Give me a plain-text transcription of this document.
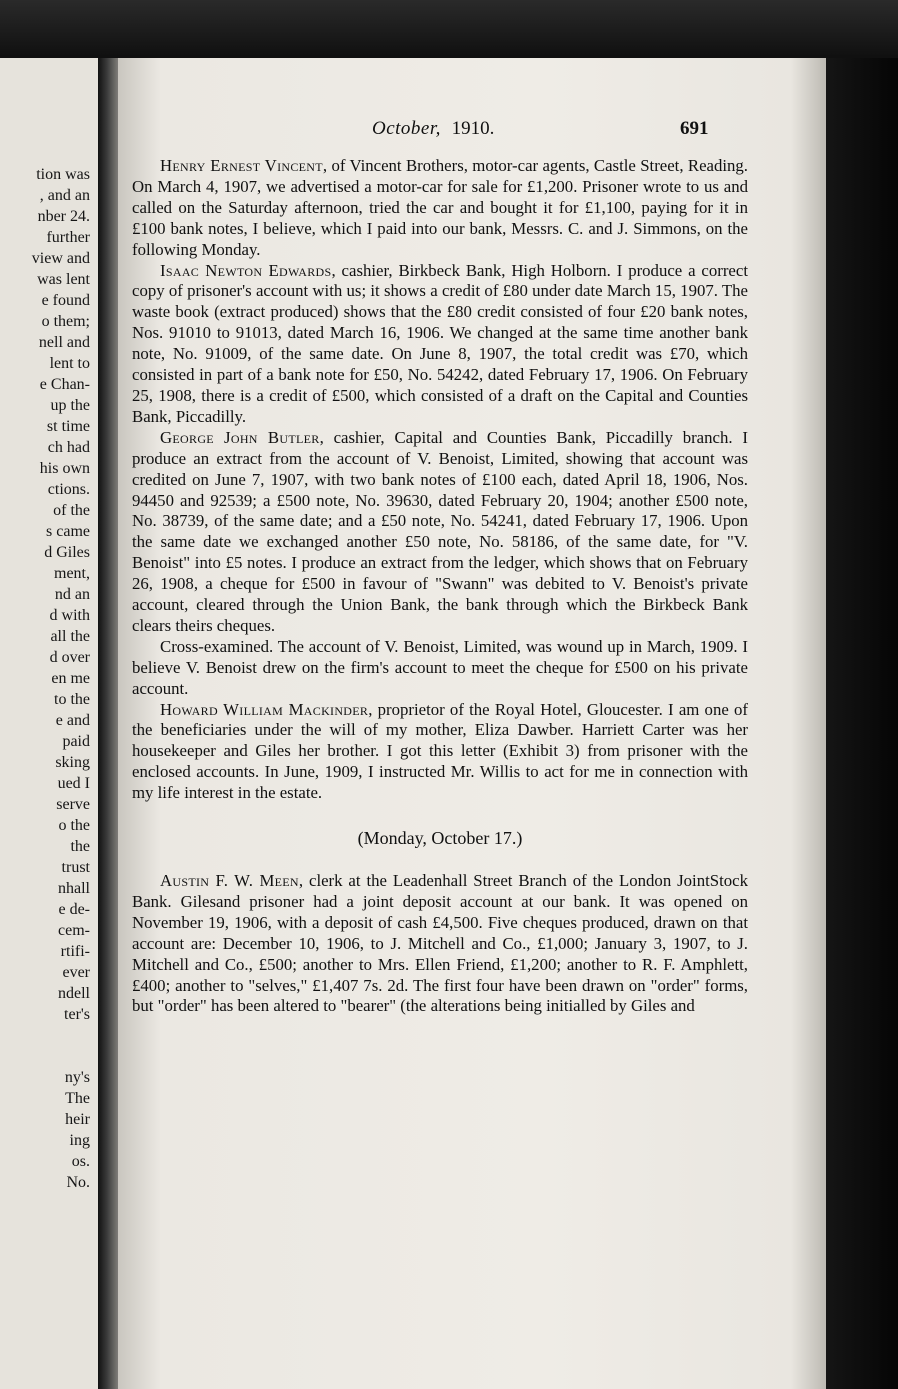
tion was
, and an
nber 24.
further
view and
was lent
e found
o them;
nell and
lent to
e Chan-
up the
st time
ch had
his own
ctions.
of the
s came
d Giles
ment,
nd an
d with
all the
d over
en me
to the
e and
paid
sking
ued I
serve
o the
the
trust
nhall
e de-
cem-
rtifi-
ever
ndell
ter's
ny's
The
heir
ing
os.
No.
October, 1910.	691

Henry Ernest Vincent, of Vincent Brothers, motor-car agents, Castle Street, Reading. On March 4, 1907, we advertised a motor-car for sale for £1,200. Prisoner wrote to us and called on the Saturday afternoon, tried the car and bought it for £1,100, paying for it in £100 bank notes, I believe, which I paid into our bank, Messrs. C. and J. Simmons, on the following Monday.

Isaac Newton Edwards, cashier, Birkbeck Bank, High Holborn. I produce a correct copy of prisoner's account with us; it shows a credit of £80 under date March 15, 1907. The waste book (extract produced) shows that the £80 credit consisted of four £20 bank notes, Nos. 91010 to 91013, dated March 16, 1906. We changed at the same time another bank note, No. 91009, of the same date. On June 8, 1907, the total credit was £70, which consisted in part of a bank note for £50, No. 54242, dated February 17, 1906. On February 25, 1908, there is a credit of £500, which consisted of a draft on the Capital and Counties Bank, Piccadilly.

George John Butler, cashier, Capital and Counties Bank, Piccadilly branch. I produce an extract from the account of V. Benoist, Limited, showing that account was credited on June 7, 1907, with two bank notes of £100 each, dated April 18, 1906, Nos. 94450 and 92539; a £500 note, No. 39630, dated February 20, 1904; another £500 note, No. 38739, of the same date; and a £50 note, No. 54241, dated February 17, 1906. Upon the same date we exchanged another £50 note, No. 58186, of the same date, for "V. Benoist" into £5 notes. I produce an extract from the ledger, which shows that on February 26, 1908, a cheque for £500 in favour of "Swann" was debited to V. Benoist's private account, cleared through the Union Bank, the bank through which the Birkbeck Bank clears theirs cheques.

Cross-examined. The account of V. Benoist, Limited, was wound up in March, 1909. I believe V. Benoist drew on the firm's account to meet the cheque for £500 on his private account.

Howard William Mackinder, proprietor of the Royal Hotel, Gloucester. I am one of the beneficiaries under the will of my mother, Eliza Dawber. Harriett Carter was her housekeeper and Giles her brother. I got this letter (Exhibit 3) from prisoner with the enclosed accounts. In June, 1909, I instructed Mr. Willis to act for me in connection with my life interest in the estate.

(Monday, October 17.)

Austin F. W. Meen, clerk at the Leadenhall Street Branch of the London JointStock Bank. Gilesand prisoner had a joint deposit account at our bank. It was opened on November 19, 1906, with a deposit of cash £4,500. Five cheques produced, drawn on that account are: December 10, 1906, to J. Mitchell and Co., £1,000; January 3, 1907, to J. Mitchell and Co., £500; another to Mrs. Ellen Friend, £1,200; another to R. F. Amphlett, £400; another to "selves," £1,407 7s. 2d. The first four have been drawn on "order" forms, but "order" has been altered to "bearer" (the alterations being initialled by Giles and
